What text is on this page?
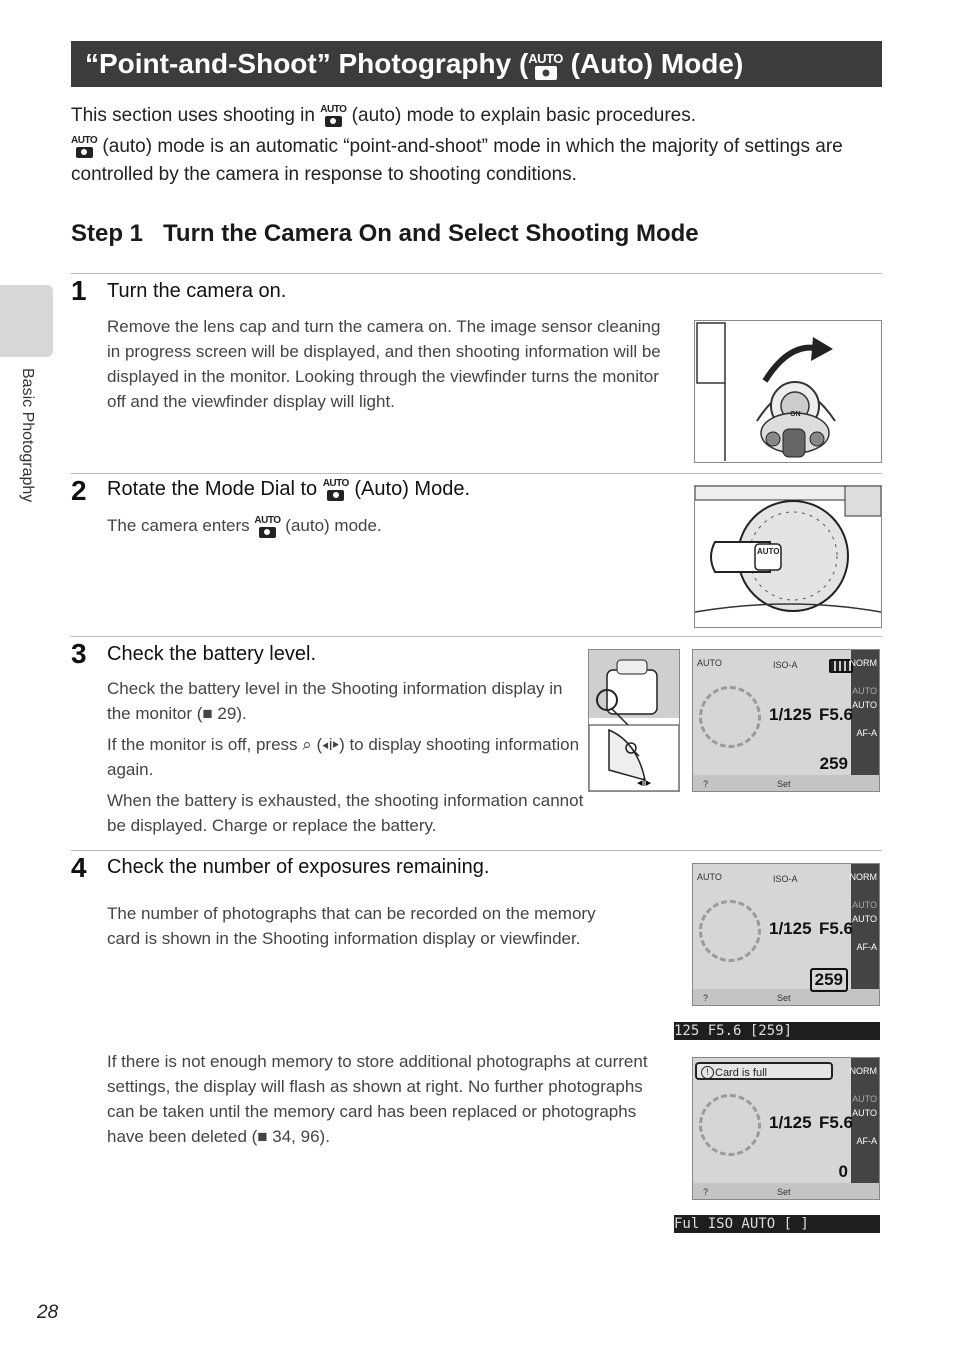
Basic Photography
“Point-and-Shoot” Photography ( AUTO (Auto) Mode)
This section uses shooting in AUTO (auto) mode to explain basic procedures.
AUTO (auto) mode is an automatic “point-and-shoot” mode in which the majority of settings are controlled by the camera in response to shooting conditions.
Step 1 Turn the Camera On and Select Shooting Mode
1 Turn the camera on.
Remove the lens cap and turn the camera on. The image sensor cleaning in progress screen will be displayed, and then shooting information will be displayed in the monitor. Looking through the viewfinder turns the monitor off and the viewfinder display will light.
ON
2 Rotate the Mode Dial to AUTO (Auto) Mode.
The camera enters AUTO (auto) mode.
AUTO
3 Check the battery level.

Check the battery level in the Shooting information display in the monitor (■ 29).

If the monitor is off, press ⌕ (◂i▸) to display shooting information again.

When the battery is exhausted, the shooting information cannot be displayed. Charge or replace the battery.

◂i▸
AUTO	ISO-A
1/125 F5.6
259
NORM
AUTO
AUTO
AF-A
?	Set
4 Check the number of exposures remaining.
The number of photographs that can be recorded on the memory card is shown in the Shooting information display or viewfinder.
If there is not enough memory to store additional photographs at current settings, the display will flash as shown at right. No further photographs can be taken until the memory card has been replaced or photographs have been deleted (■ 34, 96).
AUTO	ISO-A
1/125 F5.6
259
NORM
AUTO
AUTO
AF-A
?	Set
125 F5.6 [259]
! Card is full
1/125 F5.6
0
NORM
AUTO
AUTO
AF-A
?	Set
Ful ISO AUTO [ ]
28
